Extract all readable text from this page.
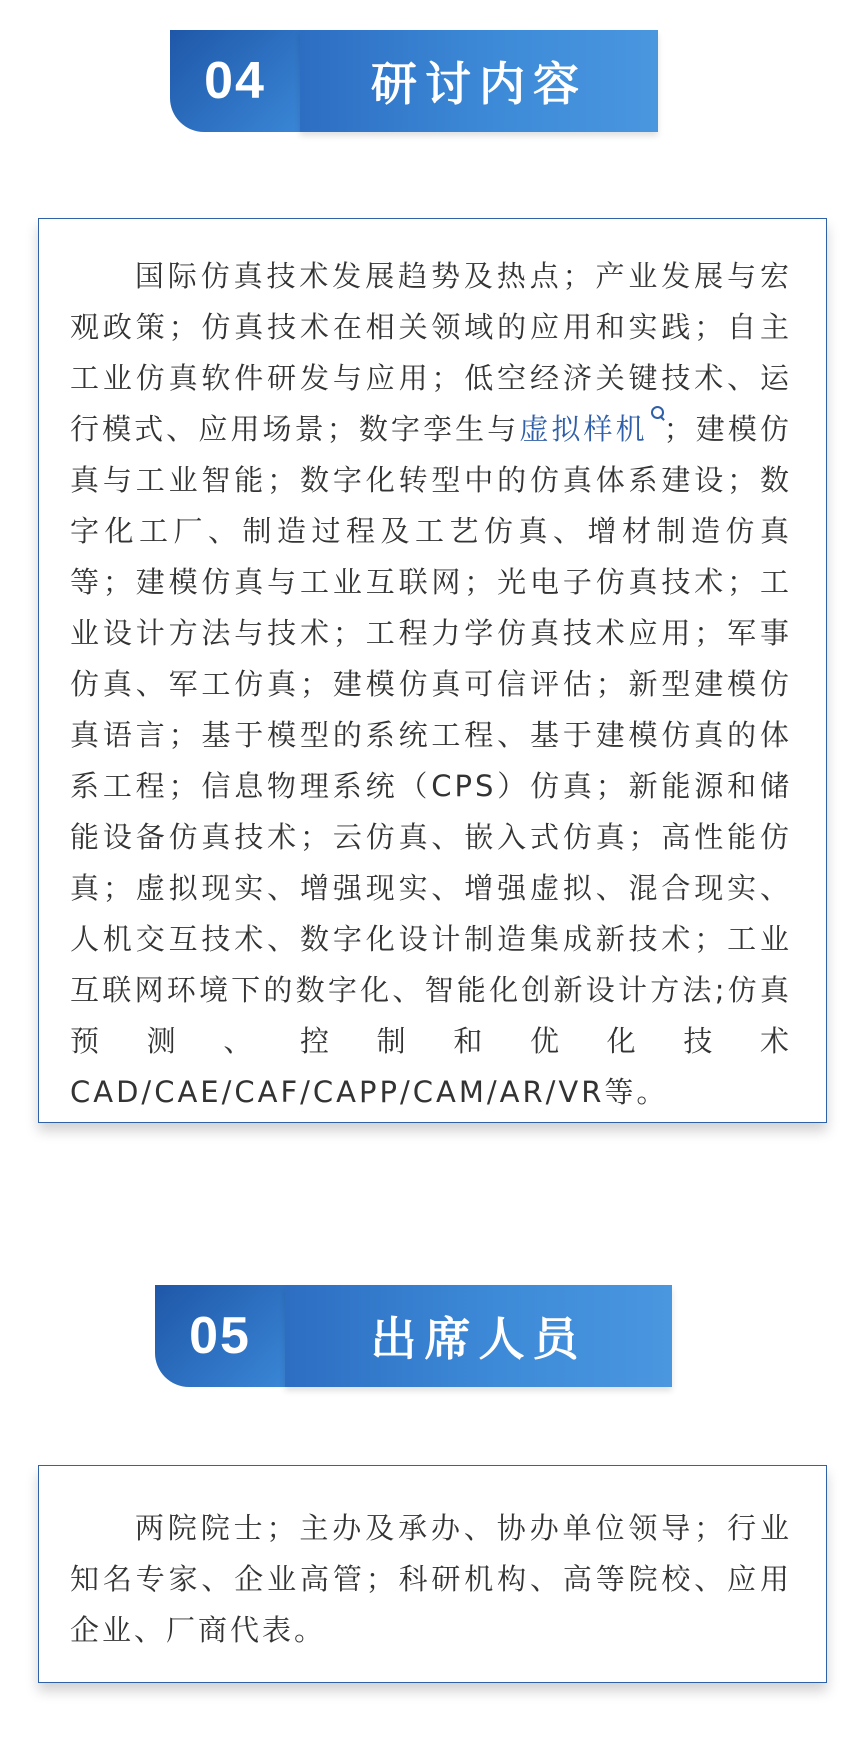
04	研讨内容
国际仿真技术发展趋势及热点；产业发展与宏观政策；仿真技术在相关领域的应用和实践；自主工业仿真软件研发与应用；低空经济关键技术、运行模式、应用场景；数字孪生与虚拟样机 ；建模仿真与工业智能；数字化转型中的仿真体系建设；数字化工厂、制造过程及工艺仿真、增材制造仿真等；建模仿真与工业互联网；光电子仿真技术；工业设计方法与技术；工程力学仿真技术应用；军事仿真、军工仿真；建模仿真可信评估；新型建模仿真语言；基于模型的系统工程、基于建模仿真的体系工程；信息物理系统（CPS）仿真；新能源和储能设备仿真技术；云仿真、嵌入式仿真；高性能仿真；虚拟现实、增强现实、增强虚拟、混合现实、人机交互技术、数字化设计制造集成新技术；工业互联网环境下的数字化、智能化创新设计方法;仿真预测、控制和优化技术CAD/CAE/CAF/CAPP/CAM/AR/VR等。
05	出席人员
两院院士；主办及承办、协办单位领导；行业知名专家、企业高管；科研机构、高等院校、应用企业、厂商代表。
